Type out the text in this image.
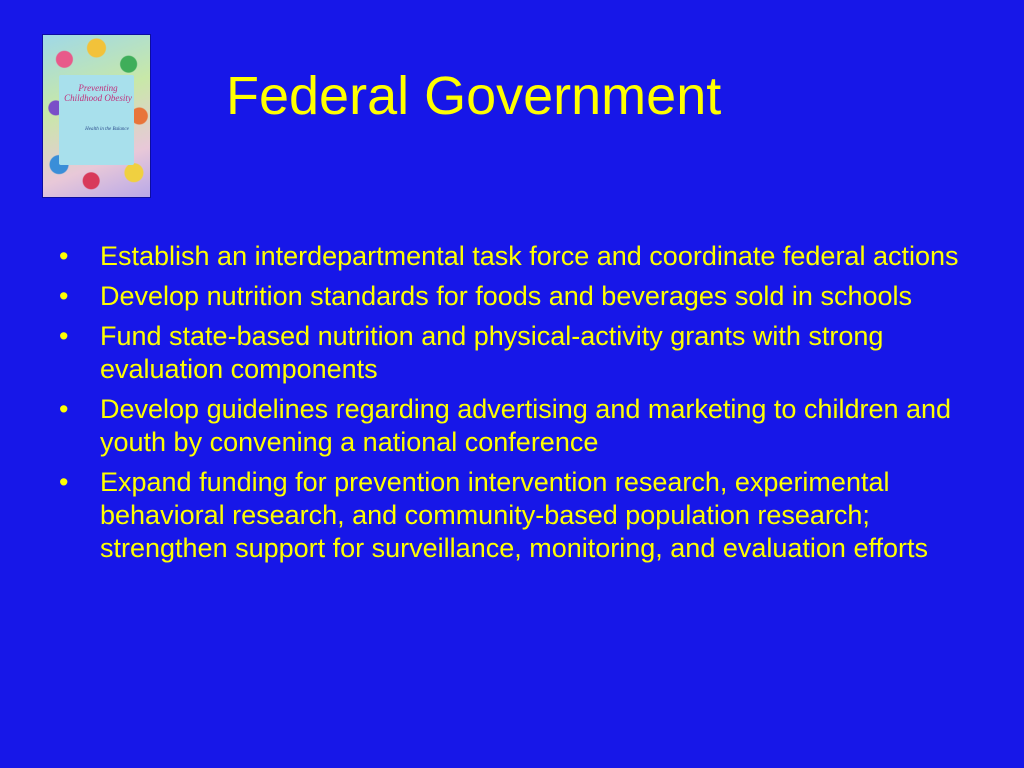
Preventing Childhood Obesity
Health in the Balance
Federal Government
•	Establish an interdepartmental task force and coordinate federal actions
•	Develop nutrition standards for foods and beverages sold in schools
•	Fund state-based nutrition and physical-activity grants with strong evaluation components
•	Develop guidelines regarding advertising and marketing to children and youth by convening a national conference
•	Expand funding for prevention intervention research, experimental behavioral research, and community-based population research; strengthen support for surveillance, monitoring, and evaluation efforts
